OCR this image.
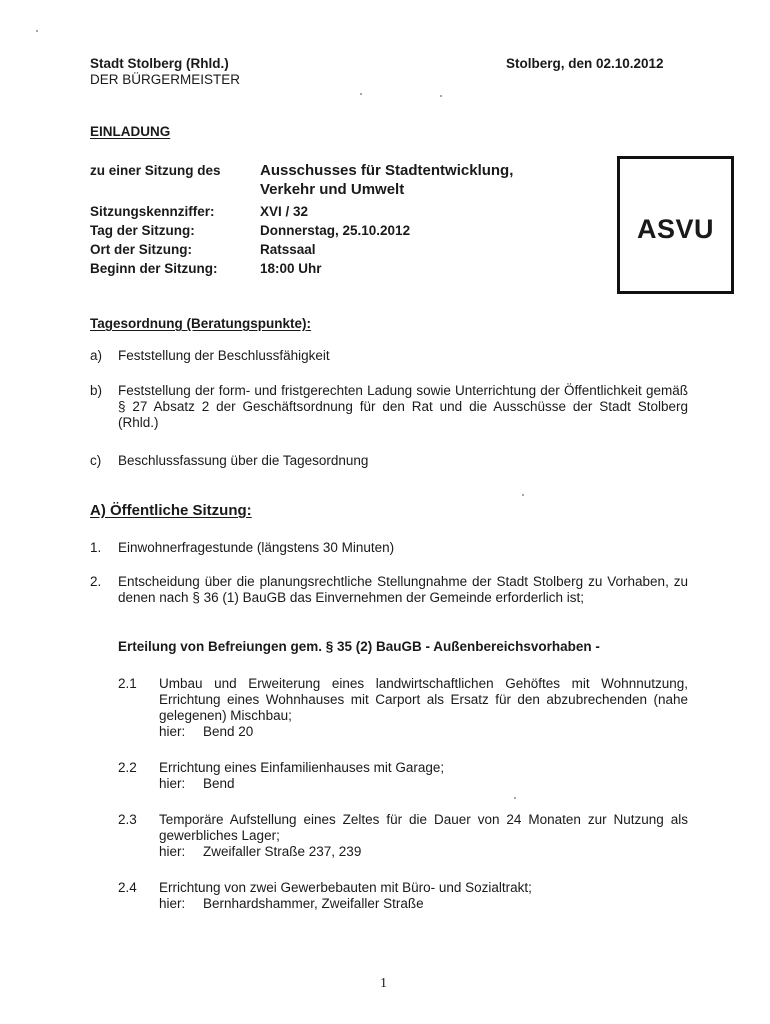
Stadt Stolberg (Rhld.)
DER BÜRGERMEISTER
Stolberg, den 02.10.2012
EINLADUNG
zu einer Sitzung des	Ausschusses für Stadtentwicklung,
Verkehr und Umwelt
Sitzungskennziffer:	XVI / 32
Tag der Sitzung:	Donnerstag, 25.10.2012
Ort der Sitzung:	Ratssaal
Beginn der Sitzung:	18:00 Uhr
ASVU
Tagesordnung (Beratungspunkte):
a) Feststellung der Beschlussfähigkeit
b) Feststellung der form- und fristgerechten Ladung sowie Unterrichtung der Öffentlichkeit gemäß § 27 Absatz 2 der Geschäftsordnung für den Rat und die Ausschüsse der Stadt Stolberg (Rhld.)
c) Beschlussfassung über die Tagesordnung
A) Öffentliche Sitzung:
1. Einwohnerfragestunde (längstens 30 Minuten)
2. Entscheidung über die planungsrechtliche Stellungnahme der Stadt Stolberg zu Vorhaben, zu denen nach § 36 (1) BauGB das Einvernehmen der Gemeinde erforderlich ist;
Erteilung von Befreiungen gem. § 35 (2) BauGB - Außenbereichsvorhaben -
2.1 Umbau und Erweiterung eines landwirtschaftlichen Gehöftes mit Wohnnutzung, Errichtung eines Wohnhauses mit Carport als Ersatz für den abzubrechenden (nahe gelegenen) Mischbau;
hier: Bend 20
2.2 Errichtung eines Einfamilienhauses mit Garage;
hier: Bend
2.3 Temporäre Aufstellung eines Zeltes für die Dauer von 24 Monaten zur Nutzung als gewerbliches Lager;
hier: Zweifaller Straße 237, 239
2.4 Errichtung von zwei Gewerbebauten mit Büro- und Sozialtrakt;
hier: Bernhardshammer, Zweifaller Straße
1
